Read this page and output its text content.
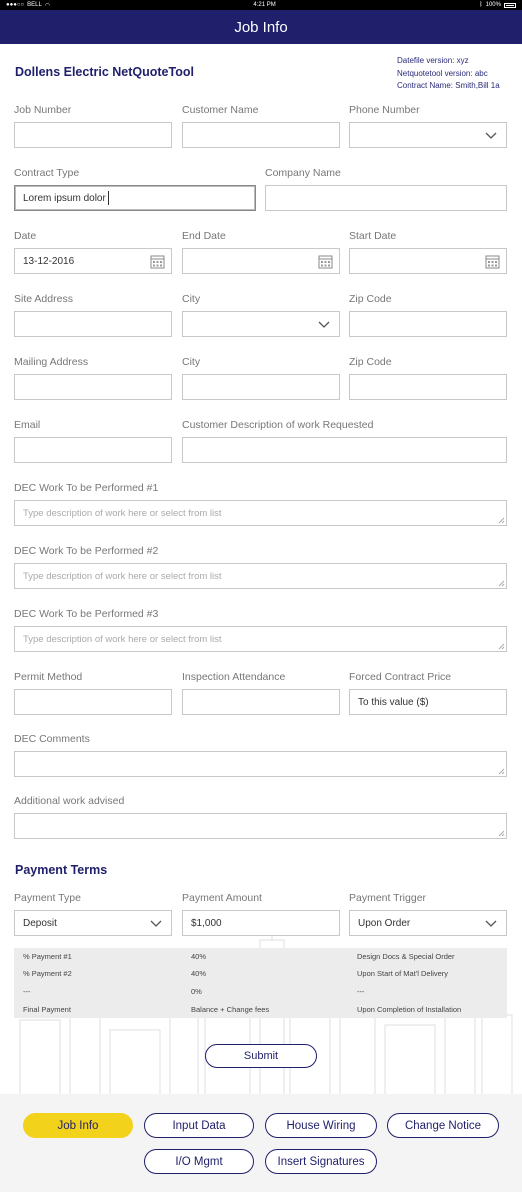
●●●○○ BELL ◠	4:21 PM	ᛒ 100%
Job Info
Dollens Electric NetQuoteTool
Datefile version: xyz
Netquotetool version: abc
Contract Name: Smith,Bill 1a
Job Number	Customer Name	Phone Number
Contract Type
Lorem ipsum dolor
Company Name
Date
13-12-2016
End Date	Start Date
Site Address	City	Zip Code
Mailing Address	City	Zip Code
Email	Customer Description of work Requested
DEC Work To be Performed #1
Type description of work here or select from list
DEC Work To be Performed #2
Type description of work here or select from list
DEC Work To be Performed #3
Type description of work here or select from list
Permit Method	Inspection Attendance	Forced Contract Price
To this value ($)
DEC Comments
Additional work advised
Payment Terms
Payment Type
Deposit
Payment Amount
$1,000
Payment Trigger
Upon Order
% Payment #1	40%	Design Docs & Special Order
% Payment #2	40%	Upon Start of Mat'l Delivery
---	0%	---
Final Payment	Balance + Change fees	Upon Completion of Installation
Submit
Job Info	Input Data	House Wiring	Change Notice
I/O Mgmt	Insert Signatures
